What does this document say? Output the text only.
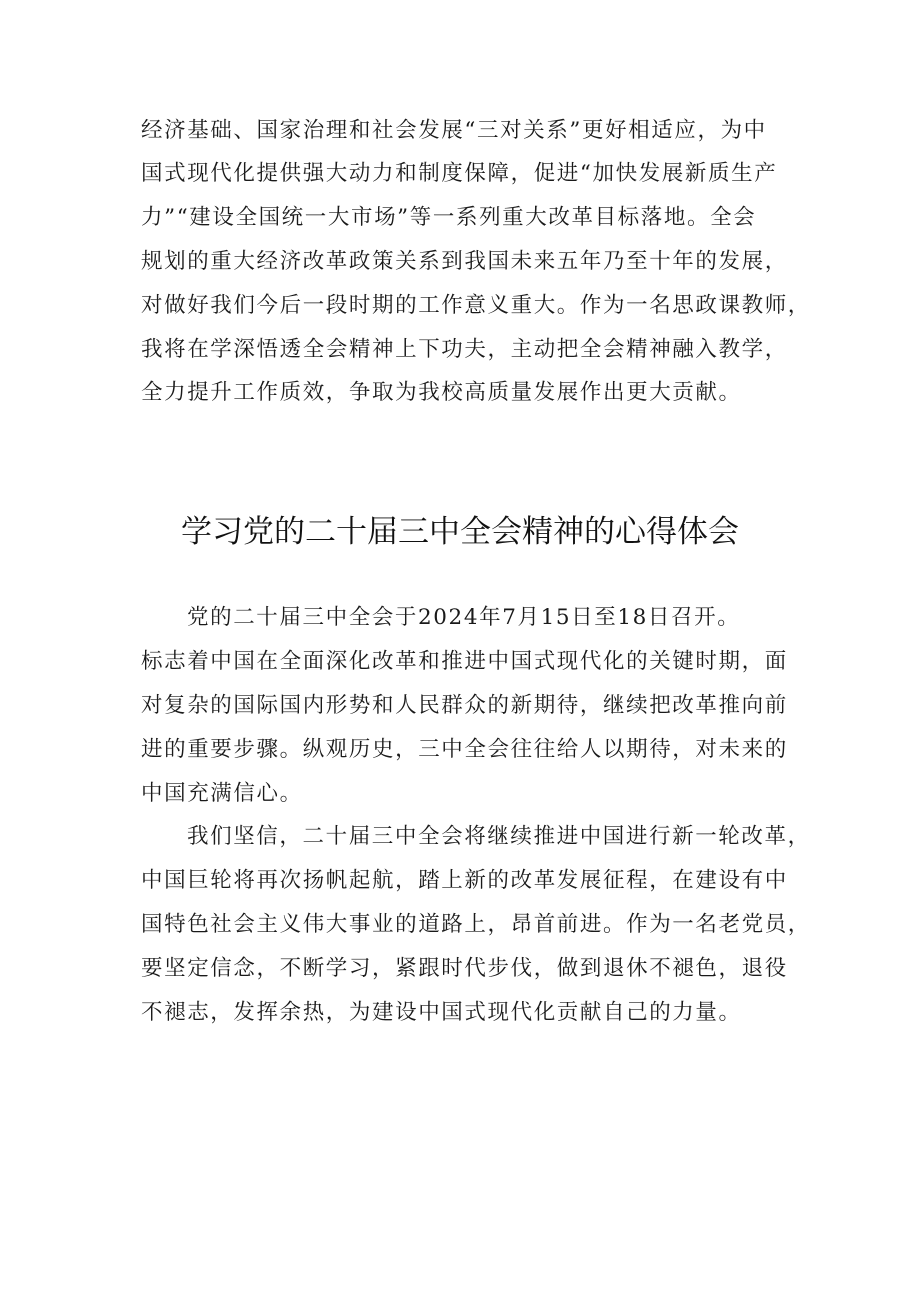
经济基础、国家治理和社会发展“三对关系”更好相适应，为中
国式现代化提供强大动力和制度保障，促进“加快发展新质生产
力”“建设全国统一大市场”等一系列重大改革目标落地。全会
规划的重大经济改革政策关系到我国未来五年乃至十年的发展，
对做好我们今后一段时期的工作意义重大。作为一名思政课教师，
我将在学深悟透全会精神上下功夫，主动把全会精神融入教学，
全力提升工作质效，争取为我校高质量发展作出更大贡献。
学习党的二十届三中全会精神的心得体会
党的二十届三中全会于2024年7月15日至18日召开。
标志着中国在全面深化改革和推进中国式现代化的关键时期，面
对复杂的国际国内形势和人民群众的新期待，继续把改革推向前
进的重要步骤。纵观历史，三中全会往往给人以期待，对未来的
中国充满信心。
我们坚信，二十届三中全会将继续推进中国进行新一轮改革，
中国巨轮将再次扬帆起航，踏上新的改革发展征程，在建设有中
国特色社会主义伟大事业的道路上，昂首前进。作为一名老党员，
要坚定信念，不断学习，紧跟时代步伐，做到退休不褪色，退役
不褪志，发挥余热，为建设中国式现代化贡献自己的力量。
